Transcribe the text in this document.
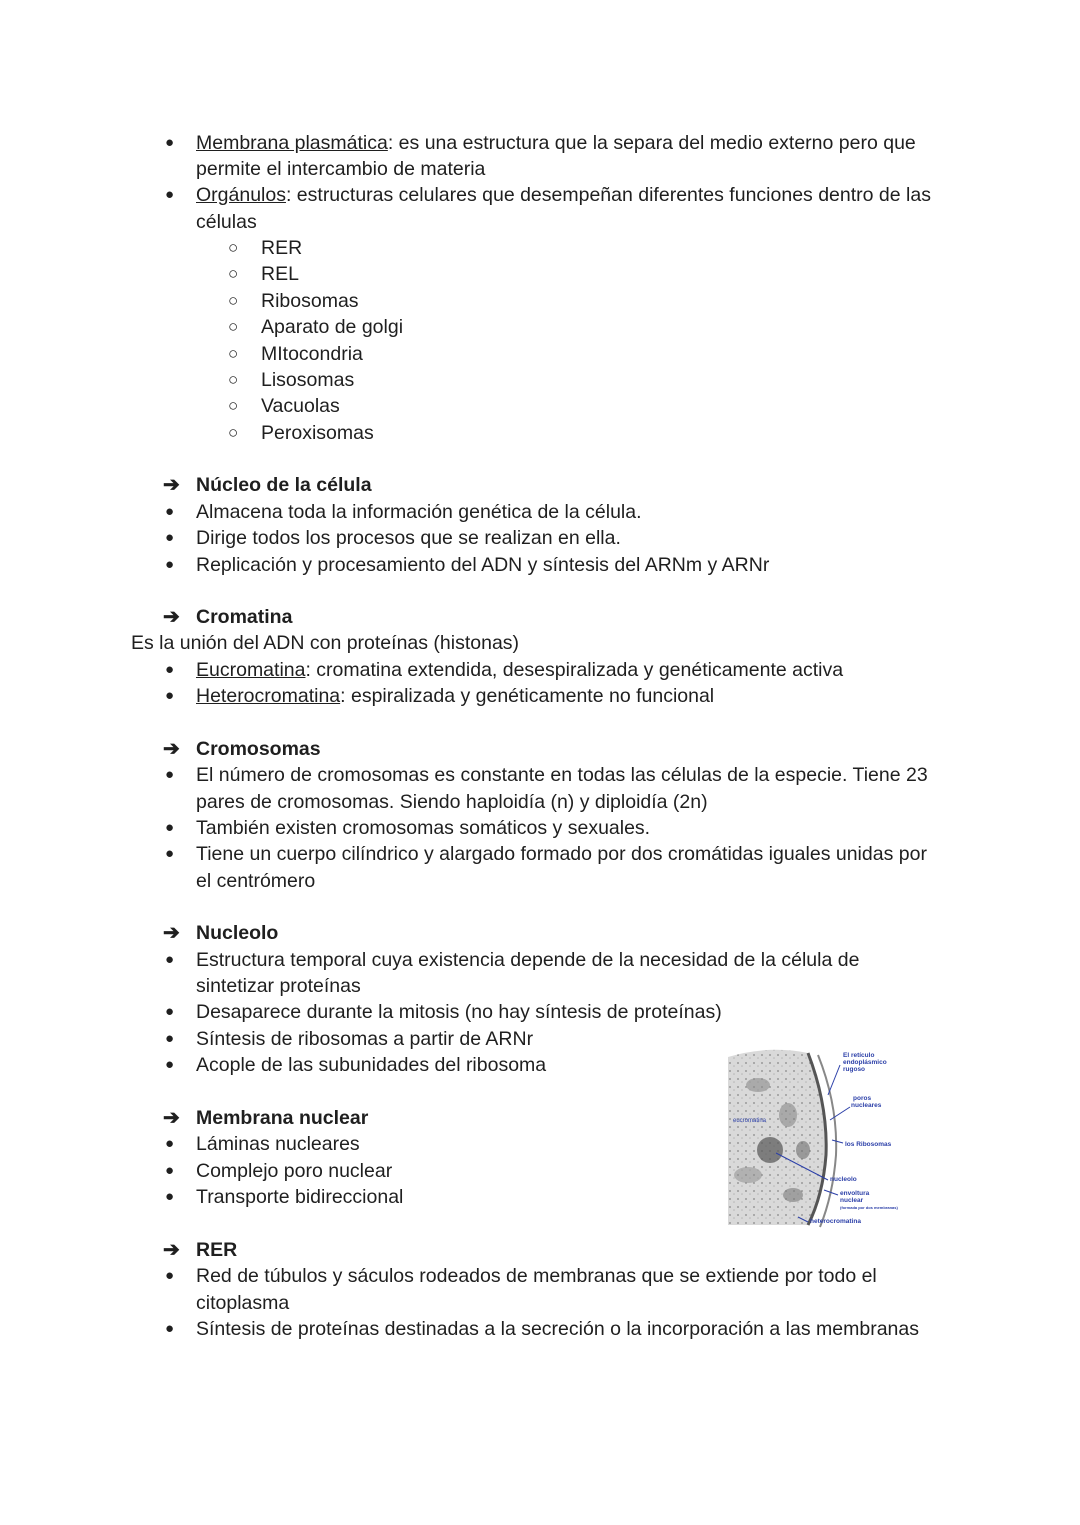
● Membrana plasmática: es una estructura que la separa del medio externo pero que
permite el intercambio de materia
● Orgánulos: estructuras celulares que desempeñan diferentes funciones dentro de las
células
○ RER
○ REL
○ Ribosomas
○ Aparato de golgi
○ MItocondria
○ Lisosomas
○ Vacuolas
○ Peroxisomas
➔ Núcleo de la célula
● Almacena toda la información genética de la célula.
● Dirige todos los procesos que se realizan en ella.
● Replicación y procesamiento del ADN y síntesis del ARNm y ARNr
➔ Cromatina
Es la unión del ADN con proteínas (histonas)
● Eucromatina: cromatina extendida, desespiralizada y genéticamente activa
● Heterocromatina: espiralizada y genéticamente no funcional
➔ Cromosomas
● El número de cromosomas es constante en todas las células de la especie. Tiene 23
pares de cromosomas. Siendo haploidía (n) y diploidía (2n)
● También existen cromosomas somáticos y sexuales.
● Tiene un cuerpo cilíndrico y alargado formado por dos cromátidas iguales unidas por
el centrómero
➔ Nucleolo
● Estructura temporal cuya existencia depende de la necesidad de la célula de
sintetizar proteínas
● Desaparece durante la mitosis (no hay síntesis de proteínas)
● Síntesis de ribosomas a partir de ARNr
● Acople de las subunidades del ribosoma
➔ Membrana nuclear
● Láminas nucleares
● Complejo poro nuclear
● Transporte bidireccional
El retículo
endoplásmico
rugoso
poros
nucleares
los Ribosomas
nucleolo
envoltura
nuclear
(formada por dos membranas)
heterocromatina
eucromatina
➔ RER
● Red de túbulos y sáculos rodeados de membranas que se extiende por todo el
citoplasma
● Síntesis de proteínas destinadas a la secreción o la incorporación a las membranas
